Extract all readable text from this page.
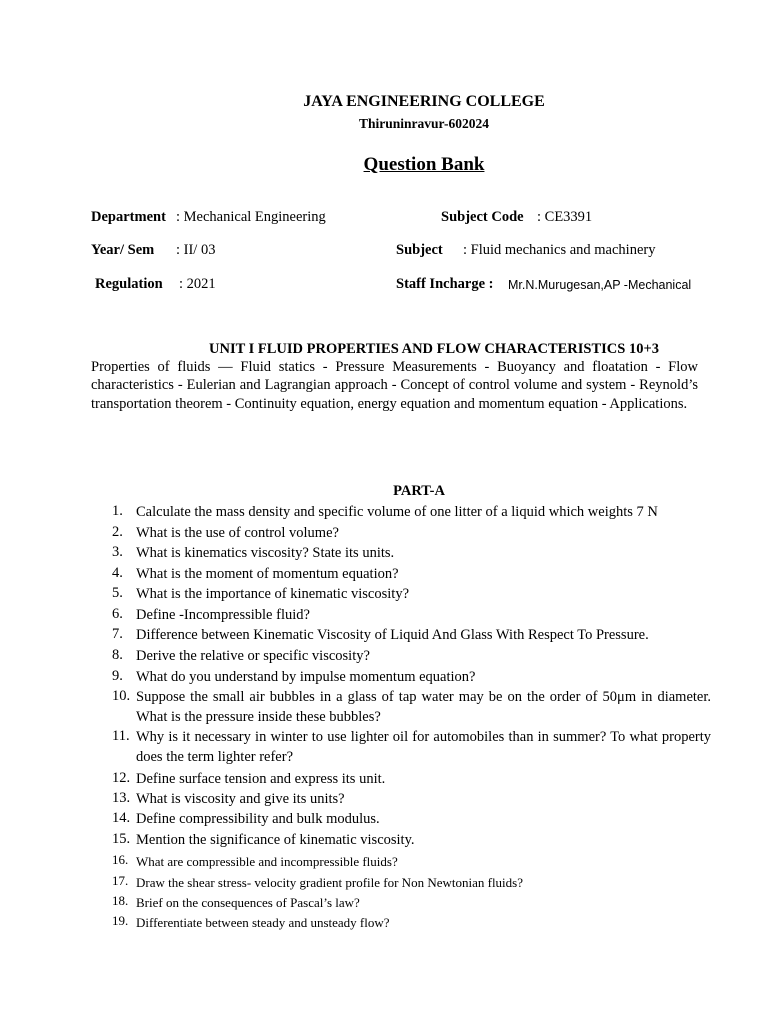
JAYA ENGINEERING COLLEGE
Thiruninravur-602024
Question Bank
Department : Mechanical Engineering	Subject Code : CE3391
Year/ Sem : II/ 03	Subject : Fluid mechanics and machinery
Regulation : 2021	Staff Incharge : Mr.N.Murugesan,AP -Mechanical
UNIT I FLUID PROPERTIES AND FLOW CHARACTERISTICS 10+3
Properties of fluids — Fluid statics - Pressure Measurements - Buoyancy and floatation - Flow characteristics - Eulerian and Lagrangian approach - Concept of control volume and system - Reynold’s transportation theorem - Continuity equation, energy equation and momentum equation - Applications.
PART-A
1. Calculate the mass density and specific volume of one litter of a liquid which weights 7 N
2. What is the use of control volume?
3. What is kinematics viscosity? State its units.
4. What is the moment of momentum equation?
5. What is the importance of kinematic viscosity?
6. Define -Incompressible fluid?
7. Difference between Kinematic Viscosity of Liquid And Glass With Respect To Pressure.
8. Derive the relative or specific viscosity?
9. What do you understand by impulse momentum equation?
10. Suppose the small air bubbles in a glass of tap water may be on the order of 50μm in diameter. What is the pressure inside these bubbles?
11. Why is it necessary in winter to use lighter oil for automobiles than in summer? To what property does the term lighter refer?
12. Define surface tension and express its unit.
13. What is viscosity and give its units?
14. Define compressibility and bulk modulus.
15. Mention the significance of kinematic viscosity.
16. What are compressible and incompressible fluids?
17. Draw the shear stress- velocity gradient profile for Non Newtonian fluids?
18. Brief on the consequences of Pascal’s law?
19. Differentiate between steady and unsteady flow?
